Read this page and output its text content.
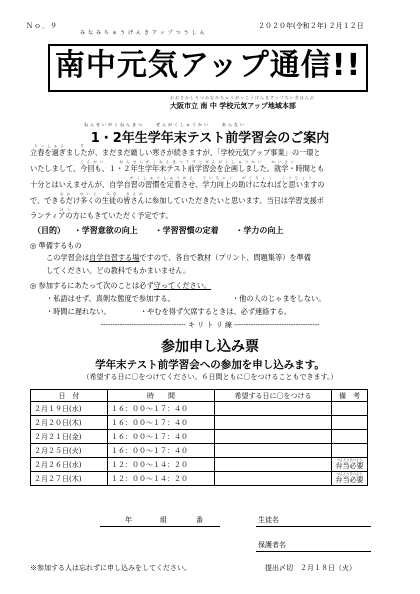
Ｎｏ．９	２０２０年(令和２年) ２月１２日
みなみちゅうげんきアップつうしん
南中元気アップ通信!!
おおさかしりつみなみちゅうがっこうげんきアップちいきほんぶ
大阪市立 南 中 学校元気アップ地域本部
ねんせいがくねんまつ　　ぜんがくしゅうかい　　あんない
1・2年生学年末テスト前学習会のご案内
りっしゅん　　す
立春を過ぎましたが、まだまだ厳しい寒さが続きますが、「学校元気アップ事業」の一環と
こんかい　　ねんせいがくねんまつてすとぜんがくしゅうかい　かいさい
いたしまして、今回も、１・２年生学年末テスト前学習会を企画しました。就学・時間とも
がくしゅうしゅうかん　ていちゃく　がくりょく　こうじょう
十分とはいえませんが、自学自習の習慣を定着させ、学力向上の助けになればと思いますの
おお　せいと　みな　さんか
で、できるだけ多くの生徒の皆さんに参加していただきたいと思います。当日は学習支援ボ
ほう
ランティアの方にもきていただく予定です。
（目的） ・学習意欲の向上 ・学習習慣の定着 ・学力の向上
◎ 準備するもの
この学習会は自学自習する場ですので、各自で教材（プリント、問題集等）を準備
してください。どの教科でもかまいません。
◎ 参加するにあたって次のことは必ず守ってください。
・私語はせず、真剣な態度で参加する。	・他の人のじゃまをしない。
・時間に遅れない。	・やむを得ず欠席するときは、必ず連絡する。
------------------------------------ キ リ ト リ 線 ------------------------------------
参加申し込み票
学年末テスト前学習会への参加を申し込みます。
（希望する日に〇をつけてください。６日間ともに〇をつけることもできます。）
日　付	時　　間	希望する日に〇をつける	備　考
２月１９日(水)	１６：００～１７：４０		

２月２０日(木)	１６：００～１７：４０		

２月２１日(金)	１６：００～１７：４０		

２月２５日(火)	１６：００～１７：４０		

２月２６日(水)	１２：００～１４：２０		べんとうひつよう
弁当必要
２月２７日(木)	１２：００～１４：２０		べんとうひつよう
弁当必要
年	組	番	生徒名
保護者名
※参加する人は忘れずに申し込みをしてください。	提出〆切　２月１８日（火）
